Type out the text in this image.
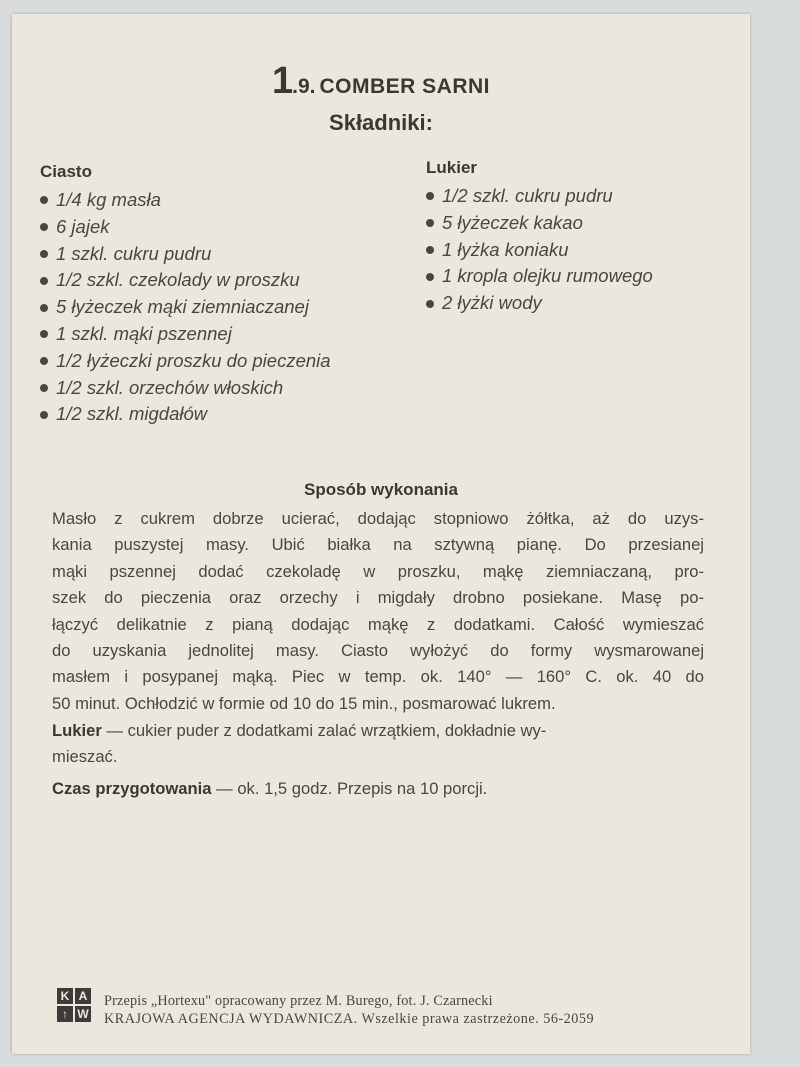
1.9. COMBER SARNI
Składniki:
Ciasto
1/4 kg masła
6 jajek
1 szkl. cukru pudru
1/2 szkl. czekolady w proszku
5 łyżeczek mąki ziemniaczanej
1 szkl. mąki pszennej
1/2 łyżeczki proszku do pieczenia
1/2 szkl. orzechów włoskich
1/2 szkl. migdałów
Lukier
1/2 szkl. cukru pudru
5 łyżeczek kakao
1 łyżka koniaku
1 kropla olejku rumowego
2 łyżki wody
Sposób wykonania
Masło z cukrem dobrze ucierać, dodając stopniowo żółtka, aż do uzys-
kania puszystej masy. Ubić białka na sztywną pianę. Do przesianej
mąki pszennej dodać czekoladę w proszku, mąkę ziemniaczaną, pro-
szek do pieczenia oraz orzechy i migdały drobno posiekane. Masę po-
łączyć delikatnie z pianą dodając mąkę z dodatkami. Całość wymieszać
do uzyskania jednolitej masy. Ciasto wyłożyć do formy wysmarowanej
masłem i posypanej mąką. Piec w temp. ok. 140° — 160° C. ok. 40 do
50 minut. Ochłodzić w formie od 10 do 15 min., posmarować lukrem.
Lukier — cukier puder z dodatkami zalać wrzątkiem, dokładnie wy-
mieszać.
Czas przygotowania — ok. 1,5 godz. Przepis na 10 porcji.
K A
↑ W
Przepis „Hortexu" opracowany przez M. Burego, fot. J. Czarnecki
KRAJOWA AGENCJA WYDAWNICZA. Wszelkie prawa zastrzeżone. 56-2059
